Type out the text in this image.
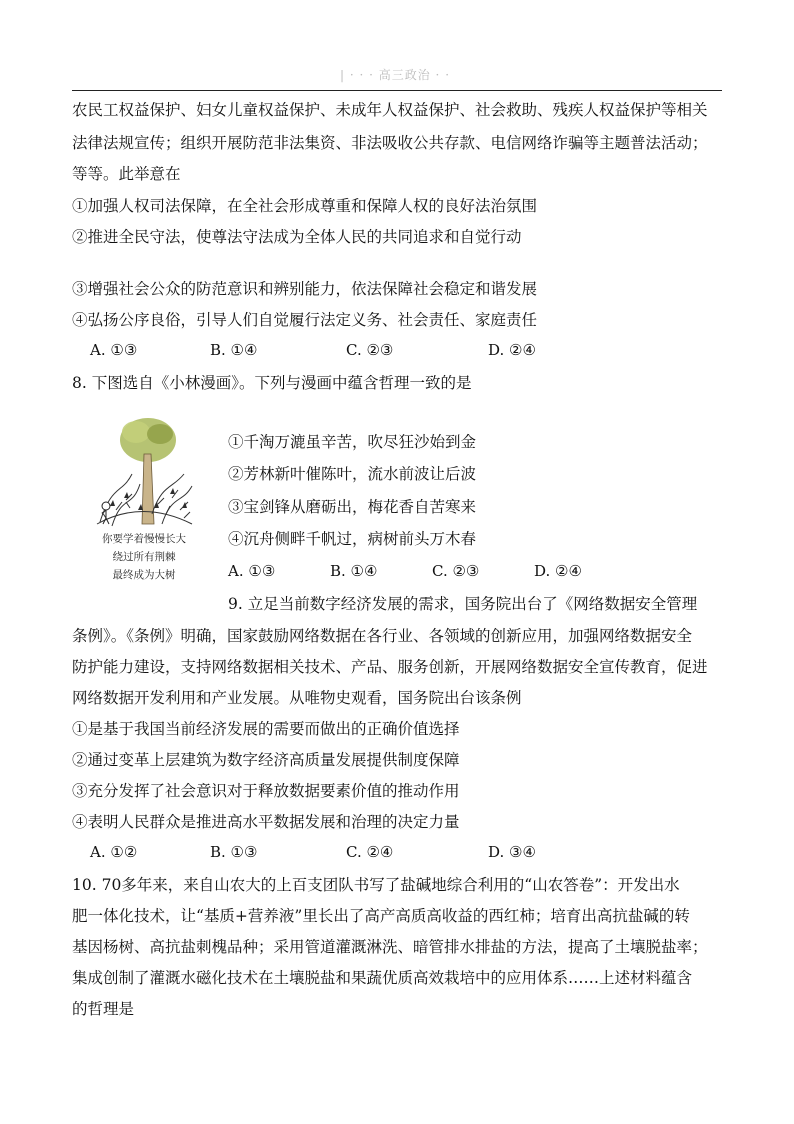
| · · · 高三政治 · ·
农民工权益保护、妇女儿童权益保护、未成年人权益保护、社会救助、残疾人权益保护等相关
法律法规宣传；组织开展防范非法集资、非法吸收公共存款、电信网络诈骗等主题普法活动；
等等。此举意在
①加强人权司法保障，在全社会形成尊重和保障人权的良好法治氛围
②推进全民守法，使尊法守法成为全体人民的共同追求和自觉行动
③增强社会公众的防范意识和辨别能力，依法保障社会稳定和谐发展
④弘扬公序良俗，引导人们自觉履行法定义务、社会责任、家庭责任
A. ①③	B. ①④	C. ②③	D. ②④
8. 下图选自《小林漫画》。下列与漫画中蕴含哲理一致的是
你要学着慢慢长大
绕过所有荆棘
最终成为大树
①千淘万漉虽辛苦，吹尽狂沙始到金
②芳林新叶催陈叶，流水前波让后波
③宝剑锋从磨砺出，梅花香自苦寒来
④沉舟侧畔千帆过，病树前头万木春
A. ①③	B. ①④	C. ②③	D. ②④
9. 立足当前数字经济发展的需求，国务院出台了《网络数据安全管理
条例》。《条例》明确，国家鼓励网络数据在各行业、各领域的创新应用，加强网络数据安全
防护能力建设，支持网络数据相关技术、产品、服务创新，开展网络数据安全宣传教育，促进
网络数据开发利用和产业发展。从唯物史观看，国务院出台该条例
①是基于我国当前经济发展的需要而做出的正确价值选择
②通过变革上层建筑为数字经济高质量发展提供制度保障
③充分发挥了社会意识对于释放数据要素价值的推动作用
④表明人民群众是推进高水平数据发展和治理的决定力量
A. ①②	B. ①③	C. ②④	D. ③④
10. 70多年来，来自山农大的上百支团队书写了盐碱地综合利用的“山农答卷”：开发出水
肥一体化技术，让“基质+营养液”里长出了高产高质高收益的西红柿；培育出高抗盐碱的转
基因杨树、高抗盐刺槐品种；采用管道灌溉淋洗、暗管排水排盐的方法，提高了土壤脱盐率；
集成创制了灌溉水磁化技术在土壤脱盐和果蔬优质高效栽培中的应用体系……上述材料蕴含
的哲理是
